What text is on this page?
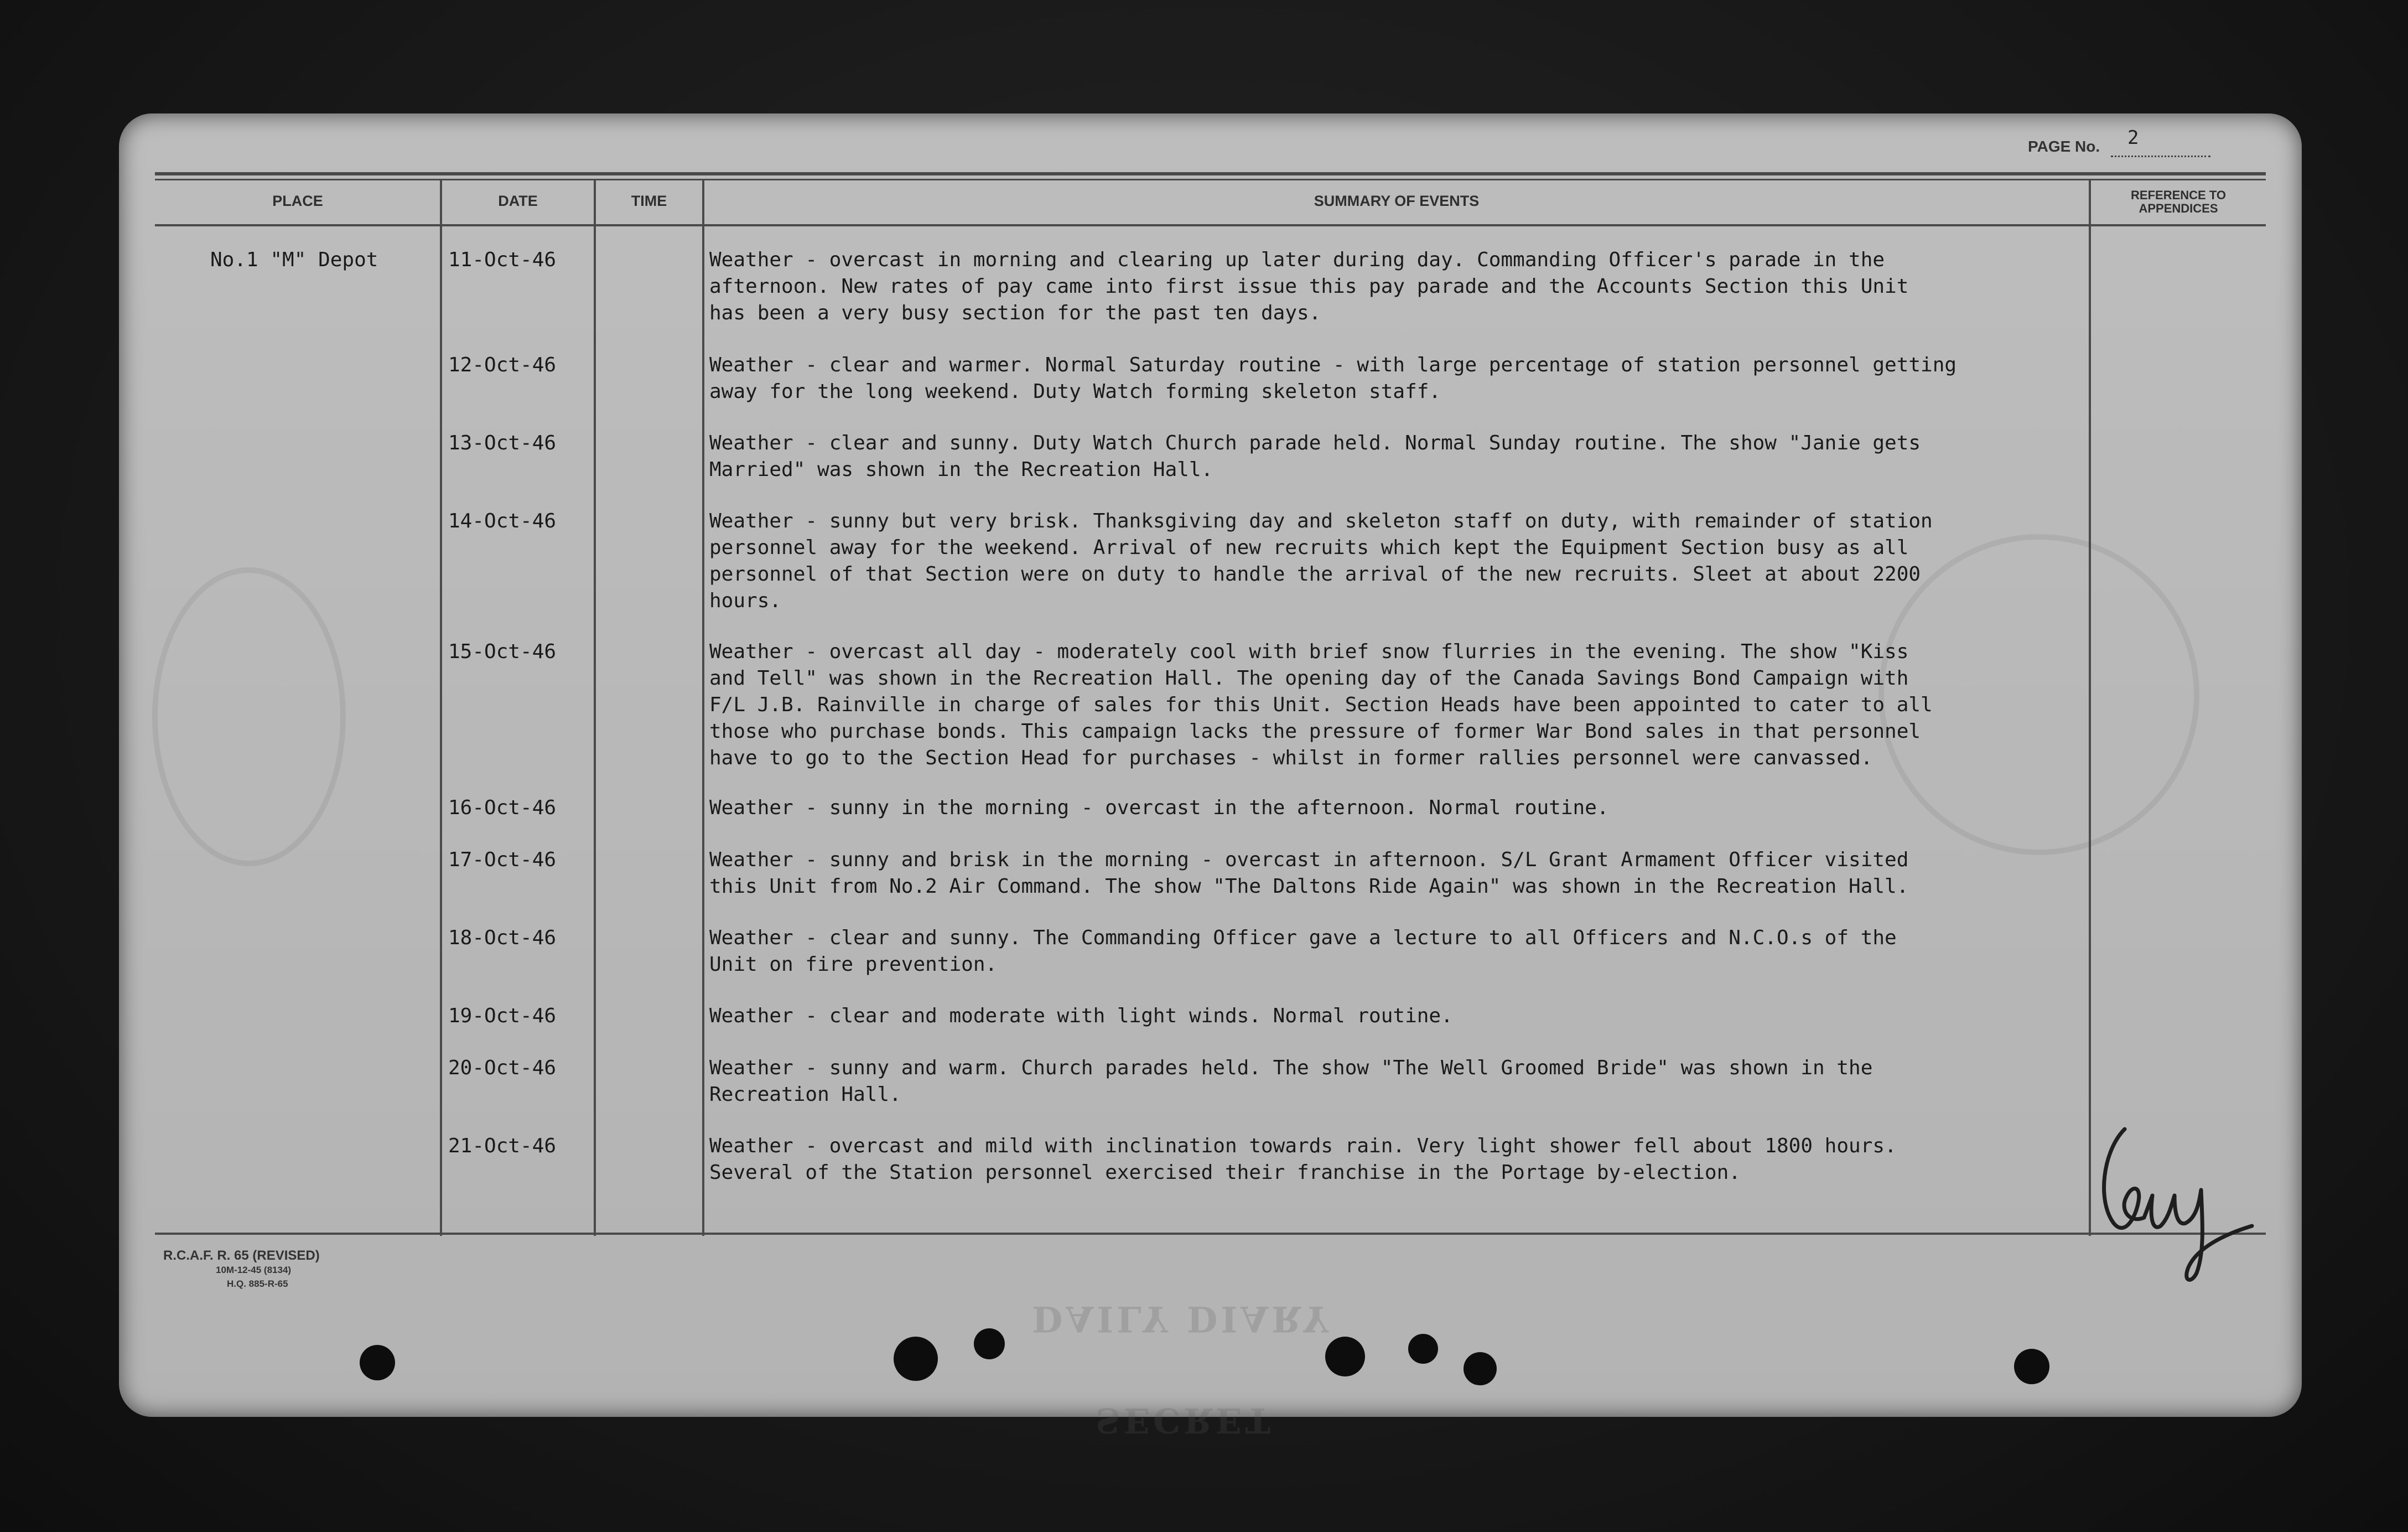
DAILY DIARY
SECRET
PAGE No. 2
PLACE	DATE	TIME	SUMMARY OF EVENTS	REFERENCE TO
APPENDICES
No.1 "M" Depot	11-Oct-46	Weather - overcast in morning and clearing up later during day. Commanding Officer's parade in the
afternoon. New rates of pay came into first issue this pay parade and the Accounts Section this Unit
has been a very busy section for the past ten days.
12-Oct-46	Weather - clear and warmer. Normal Saturday routine - with large percentage of station personnel getting
away for the long weekend. Duty Watch forming skeleton staff.
13-Oct-46	Weather - clear and sunny. Duty Watch Church parade held. Normal Sunday routine. The show "Janie gets
Married" was shown in the Recreation Hall.
14-Oct-46	Weather - sunny but very brisk. Thanksgiving day and skeleton staff on duty, with remainder of station
personnel away for the weekend. Arrival of new recruits which kept the Equipment Section busy as all
personnel of that Section were on duty to handle the arrival of the new recruits. Sleet at about 2200
hours.
15-Oct-46	Weather - overcast all day - moderately cool with brief snow flurries in the evening. The show "Kiss
and Tell" was shown in the Recreation Hall. The opening day of the Canada Savings Bond Campaign with
F/L J.B. Rainville in charge of sales for this Unit. Section Heads have been appointed to cater to all
those who purchase bonds. This campaign lacks the pressure of former War Bond sales in that personnel
have to go to the Section Head for purchases - whilst in former rallies personnel were canvassed.
16-Oct-46	Weather - sunny in the morning - overcast in the afternoon. Normal routine.
17-Oct-46	Weather - sunny and brisk in the morning - overcast in afternoon. S/L Grant Armament Officer visited
this Unit from No.2 Air Command. The show "The Daltons Ride Again" was shown in the Recreation Hall.
18-Oct-46	Weather - clear and sunny. The Commanding Officer gave a lecture to all Officers and N.C.O.s of the
Unit on fire prevention.
19-Oct-46	Weather - clear and moderate with light winds. Normal routine.
20-Oct-46	Weather - sunny and warm. Church parades held. The show "The Well Groomed Bride" was shown in the
Recreation Hall.
21-Oct-46	Weather - overcast and mild with inclination towards rain. Very light shower fell about 1800 hours.
Several of the Station personnel exercised their franchise in the Portage by-election.
R.C.A.F. R. 65 (REVISED)
10M-12-45 (8134)
H.Q. 885-R-65
